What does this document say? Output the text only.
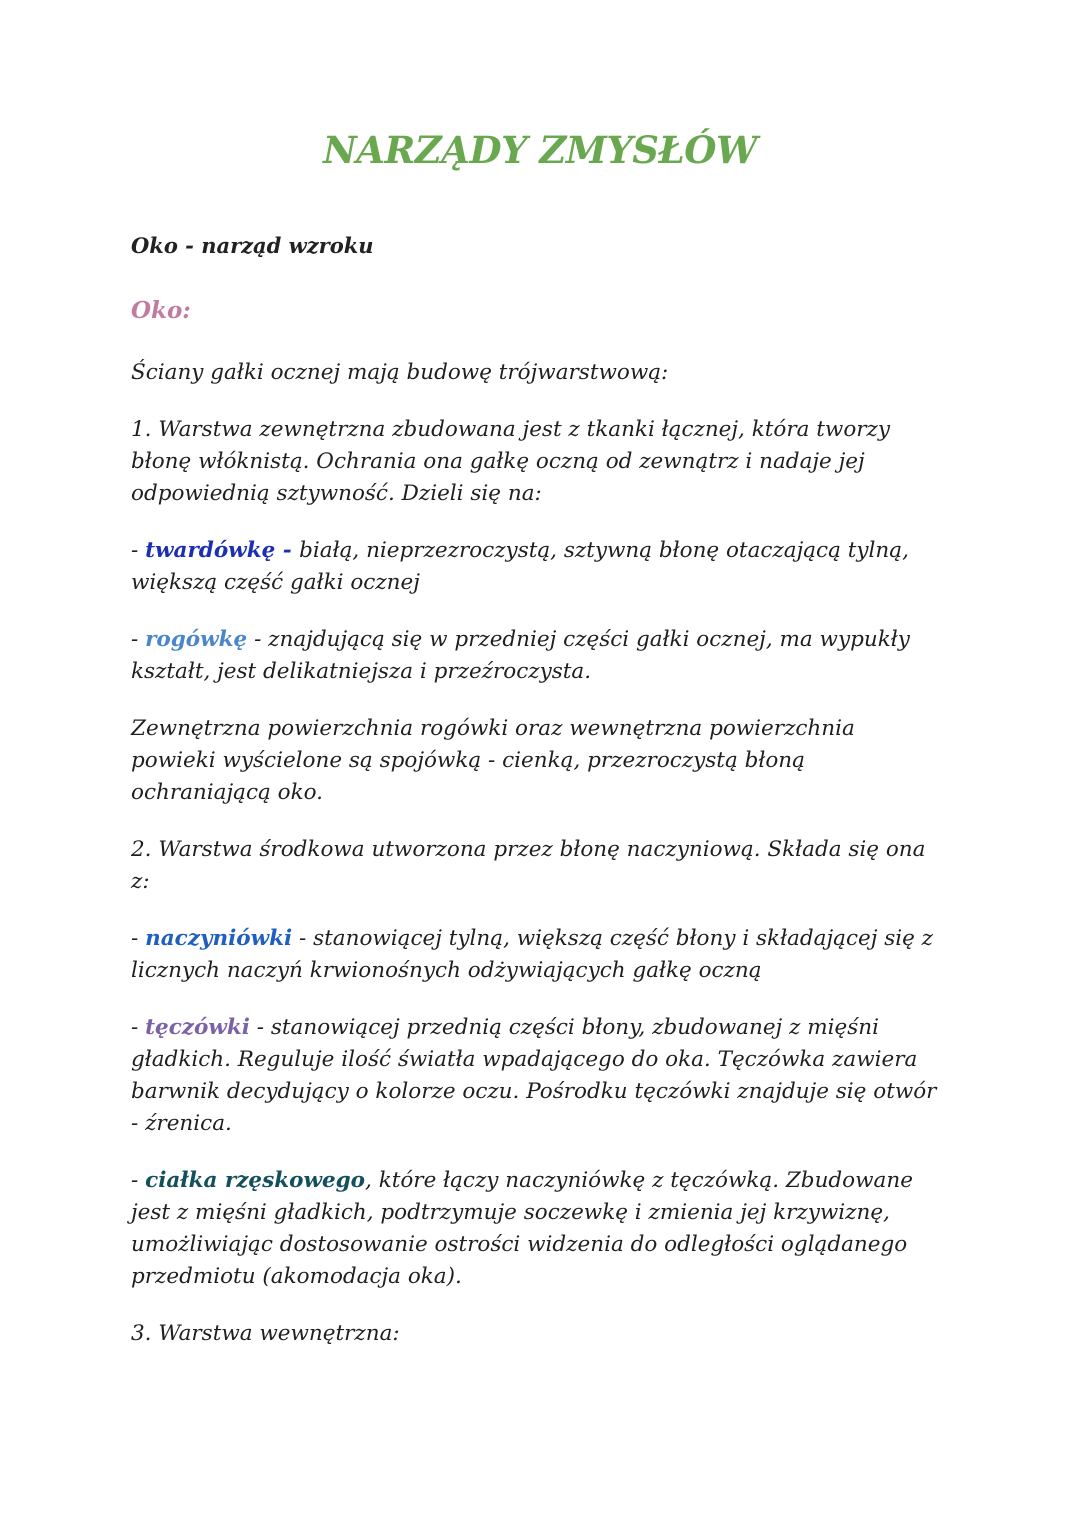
NARZĄDY ZMYSŁÓW
Oko - narząd wzroku
Oko:

Ściany gałki ocznej mają budowę trójwarstwową:

1. Warstwa zewnętrzna zbudowana jest z tkanki łącznej, która tworzy błonę włóknistą. Ochrania ona gałkę oczną od zewnątrz i nadaje jej odpowiednią sztywność. Dzieli się na:

- twardówkę - białą, nieprzezroczystą, sztywną błonę otaczającą tylną, większą część gałki ocznej

- rogówkę - znajdującą się w przedniej części gałki ocznej, ma wypukły kształt, jest delikatniejsza i przeźroczysta.

Zewnętrzna powierzchnia rogówki oraz wewnętrzna powierzchnia powieki wyścielone są spojówką - cienką, przezroczystą błoną ochraniającą oko.

2. Warstwa środkowa utworzona przez błonę naczyniową. Składa się ona z:

- naczyniówki - stanowiącej tylną, większą część błony i składającej się z licznych naczyń krwionośnych odżywiających gałkę oczną

- tęczówki - stanowiącej przednią części błony, zbudowanej z mięśni gładkich. Reguluje ilość światła wpadającego do oka. Tęczówka zawiera barwnik decydujący o kolorze oczu. Pośrodku tęczówki znajduje się otwór - źrenica.

- ciałka rzęskowego, które łączy naczyniówkę z tęczówką. Zbudowane jest z mięśni gładkich, podtrzymuje soczewkę i zmienia jej krzywiznę, umożliwiając dostosowanie ostrości widzenia do odległości oglądanego przedmiotu (akomodacja oka).

3. Warstwa wewnętrzna:
